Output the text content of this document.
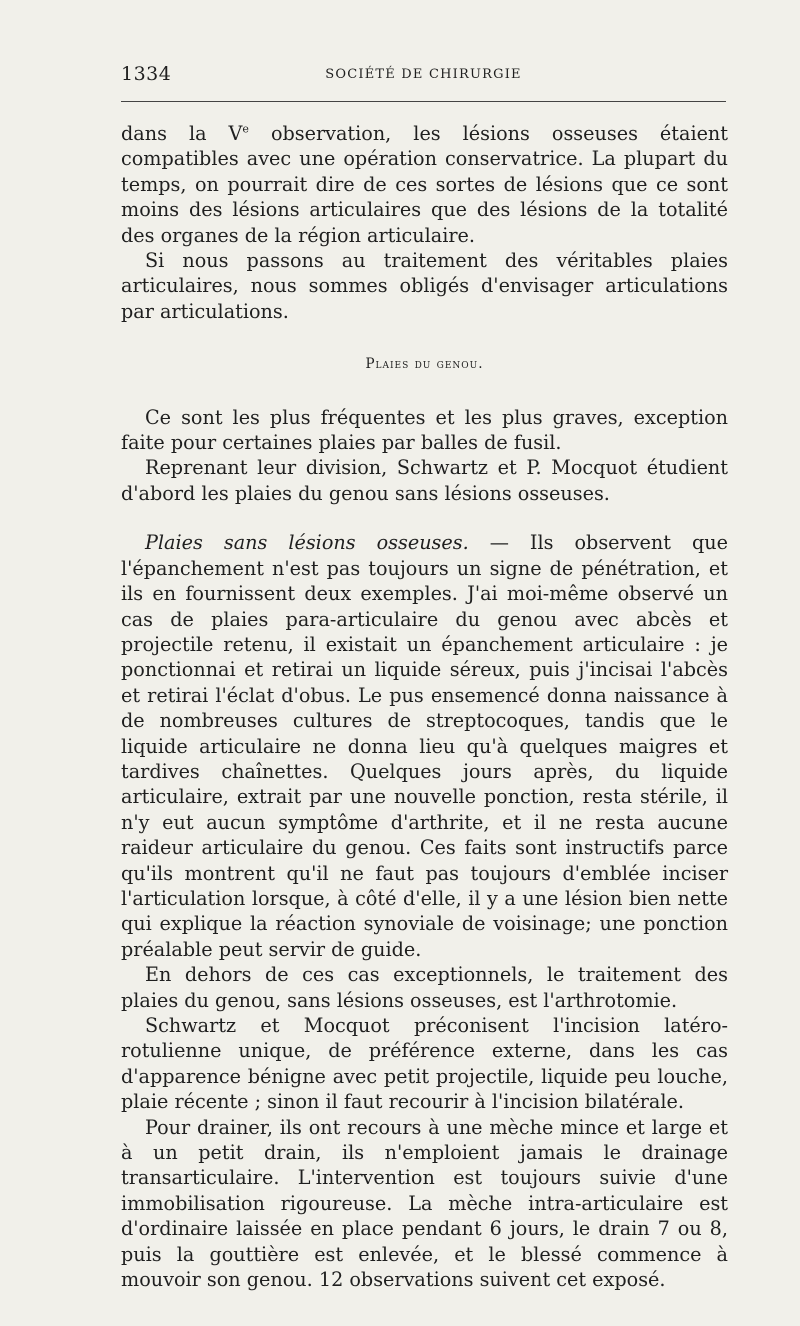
1334	SOCIÉTÉ DE CHIRURGIE

dans la Ve observation, les lésions osseuses étaient compatibles avec une opération conservatrice. La plupart du temps, on pourrait dire de ces sortes de lésions que ce sont moins des lésions articulaires que des lésions de la totalité des organes de la région articulaire.

Si nous passons au traitement des véritables plaies articulaires, nous sommes obligés d'envisager articulations par articulations.

Plaies du genou.

Ce sont les plus fréquentes et les plus graves, exception faite pour certaines plaies par balles de fusil.

Reprenant leur division, Schwartz et P. Mocquot étudient d'abord les plaies du genou sans lésions osseuses.

Plaies sans lésions osseuses. — Ils observent que l'épanchement n'est pas toujours un signe de pénétration, et ils en fournissent deux exemples. J'ai moi-même observé un cas de plaies para-articulaire du genou avec abcès et projectile retenu, il existait un épanchement articulaire : je ponctionnai et retirai un liquide séreux, puis j'incisai l'abcès et retirai l'éclat d'obus. Le pus ensemencé donna naissance à de nombreuses cultures de streptocoques, tandis que le liquide articulaire ne donna lieu qu'à quelques maigres et tardives chaînettes. Quelques jours après, du liquide articulaire, extrait par une nouvelle ponction, resta stérile, il n'y eut aucun symptôme d'arthrite, et il ne resta aucune raideur articulaire du genou. Ces faits sont instructifs parce qu'ils montrent qu'il ne faut pas toujours d'emblée inciser l'articulation lorsque, à côté d'elle, il y a une lésion bien nette qui explique la réaction synoviale de voisinage; une ponction préalable peut servir de guide.

En dehors de ces cas exceptionnels, le traitement des plaies du genou, sans lésions osseuses, est l'arthrotomie.

Schwartz et Mocquot préconisent l'incision latéro-rotulienne unique, de préférence externe, dans les cas d'apparence bénigne avec petit projectile, liquide peu louche, plaie récente ; sinon il faut recourir à l'incision bilatérale.

Pour drainer, ils ont recours à une mèche mince et large et à un petit drain, ils n'emploient jamais le drainage transarticulaire. L'intervention est toujours suivie d'une immobilisation rigoureuse. La mèche intra-articulaire est d'ordinaire laissée en place pendant 6 jours, le drain 7 ou 8, puis la gouttière est enlevée, et le blessé commence à mouvoir son genou. 12 observations suivent cet exposé.
